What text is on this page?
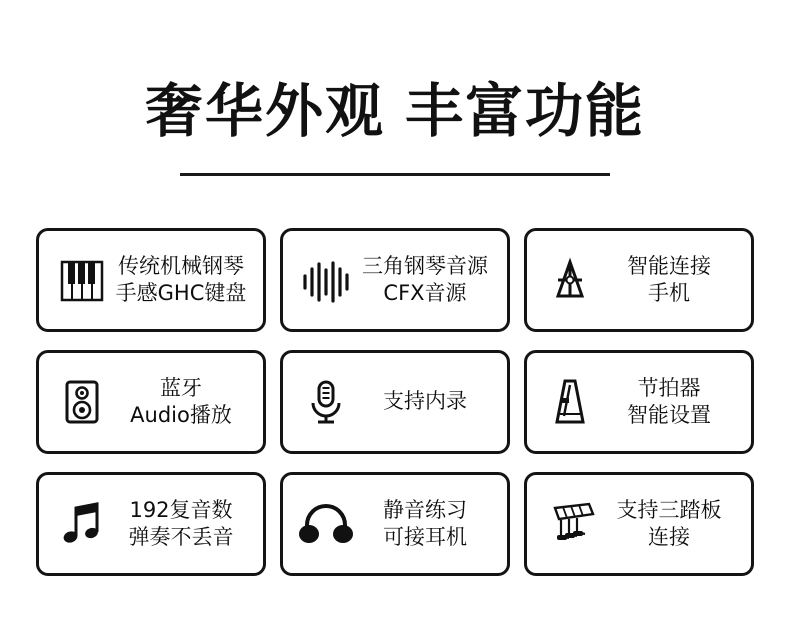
奢华外观 丰富功能
传统机械钢琴
手感GHC键盘
三角钢琴音源
CFX音源
智能连接
手机
蓝牙
Audio播放
支持内录
节拍器
智能设置
192复音数
弹奏不丢音
静音练习
可接耳机
支持三踏板
连接
